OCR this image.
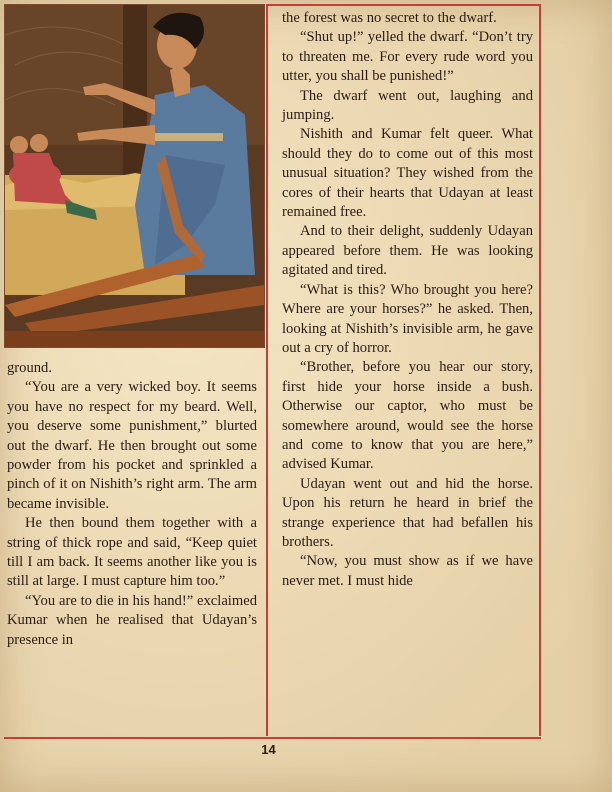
ground.

“You are a very wicked boy. It seems you have no respect for my beard. Well, you deserve some punishment,” blurted out the dwarf. He then brought out some powder from his pocket and sprinkled a pinch of it on Nishith’s right arm. The arm became invisible.

He then bound them together with a string of thick rope and said, “Keep quiet till I am back. It seems another like you is still at large. I must capture him too.”

“You are to die in his hand!” exclaimed Kumar when he realised that Udayan’s presence in

the forest was no secret to the dwarf.

“Shut up!” yelled the dwarf. “Don’t try to threaten me. For every rude word you utter, you shall be punished!”

The dwarf went out, laughing and jumping.

Nishith and Kumar felt queer. What should they do to come out of this most unusual situation? They wished from the cores of their hearts that Udayan at least remained free.

And to their delight, suddenly Udayan appeared before them. He was looking agitated and tired.

“What is this? Who brought you here? Where are your horses?” he asked. Then, looking at Nishith’s invisible arm, he gave out a cry of horror.

“Brother, before you hear our story, first hide your horse inside a bush. Otherwise our captor, who must be somewhere around, would see the horse and come to know that you are here,” advised Kumar.

Udayan went out and hid the horse. Upon his return he heard in brief the strange experience that had befallen his brothers.

“Now, you must show as if we have never met. I must hide

14
